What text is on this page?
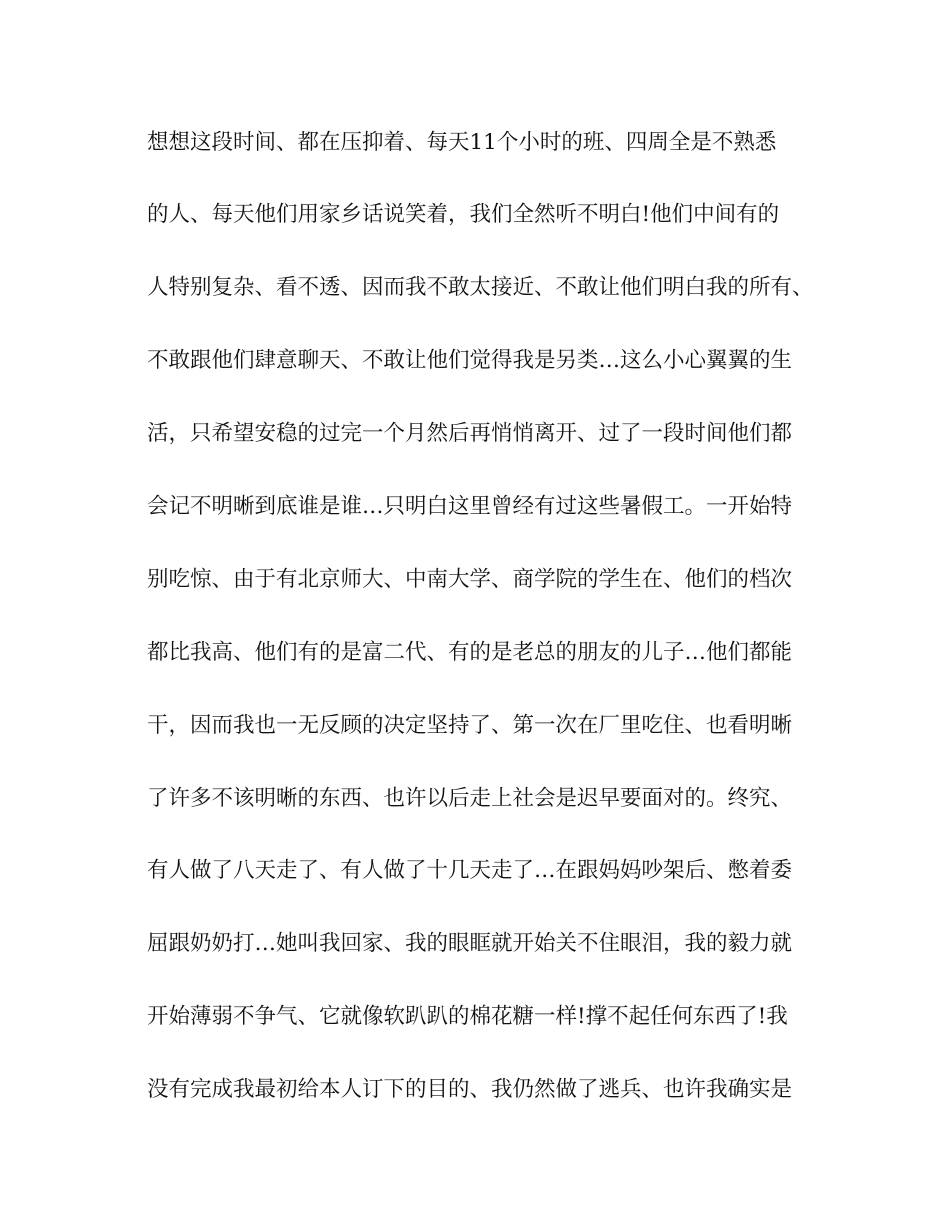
想想这段时间、都在压抑着、每天11个小时的班、四周全是不熟悉
的人、每天他们用家乡话说笑着，我们全然听不明白!他们中间有的
人特别复杂、看不透、因而我不敢太接近、不敢让他们明白我的所有、
不敢跟他们肆意聊天、不敢让他们觉得我是另类…这么小心翼翼的生
活，只希望安稳的过完一个月然后再悄悄离开、过了一段时间他们都
会记不明晰到底谁是谁…只明白这里曾经有过这些暑假工。一开始特
别吃惊、由于有北京师大、中南大学、商学院的学生在、他们的档次
都比我高、他们有的是富二代、有的是老总的朋友的儿子…他们都能
干，因而我也一无反顾的决定坚持了、第一次在厂里吃住、也看明晰
了许多不该明晰的东西、也许以后走上社会是迟早要面对的。终究、
有人做了八天走了、有人做了十几天走了…在跟妈妈吵架后、憋着委
屈跟奶奶打…她叫我回家、我的眼眶就开始关不住眼泪，我的毅力就
开始薄弱不争气、它就像软趴趴的棉花糖一样!撑不起任何东西了!我
没有完成我最初给本人订下的目的、我仍然做了逃兵、也许我确实是
